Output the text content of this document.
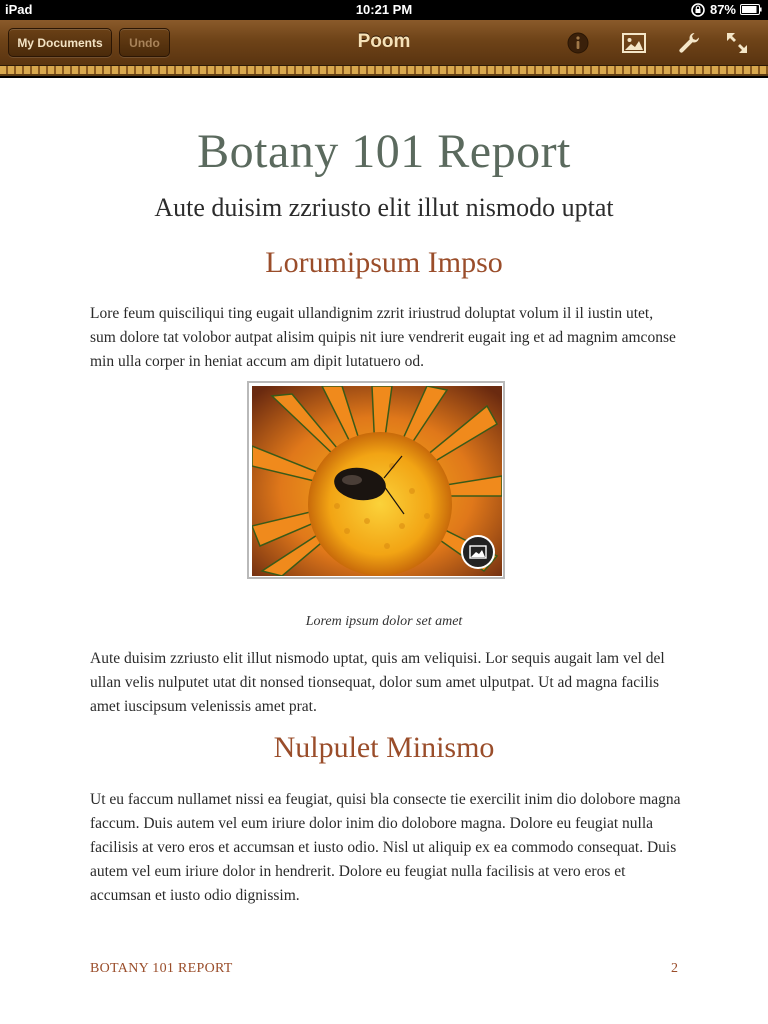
iPad	10:21 PM	87%
My Documents	Undo	Poom
Botany 101 Report
Aute duisim zzriusto elit illut nismodo uptat
Lorumipsum Impso
Lore feum quisciliqui ting eugait ullandignim zzrit iriustrud doluptat volum il il iustin utet, sum dolore tat volobor autpat alisim quipis nit iure vendrerit eugait ing et ad magnim amconse min ulla corper in heniat accum am dipit lutatuero od.
Lorem ipsum dolor set amet
Aute duisim zzriusto elit illut nismodo uptat, quis am veliquisi. Lor sequis augait lam vel del ullan velis nulputet utat dit nonsed tionsequat, dolor sum amet ulputpat. Ut ad magna facilis amet iuscipsum velenissis amet prat.
Nulpulet Minismo
Ut eu faccum nullamet nissi ea feugiat, quisi bla consecte tie exercilit inim dio dolobore magna faccum. Duis autem vel eum iriure dolor inim dio dolobore magna. Dolore eu feugiat nulla facilisis at vero eros et accumsan et iusto odio. Nisl ut aliquip ex ea commodo consequat. Duis autem vel eum iriure dolor in hendrerit. Dolore eu feugiat nulla facilisis at vero eros et accumsan et iusto odio dignissim.
BOTANY 101 REPORT	2
